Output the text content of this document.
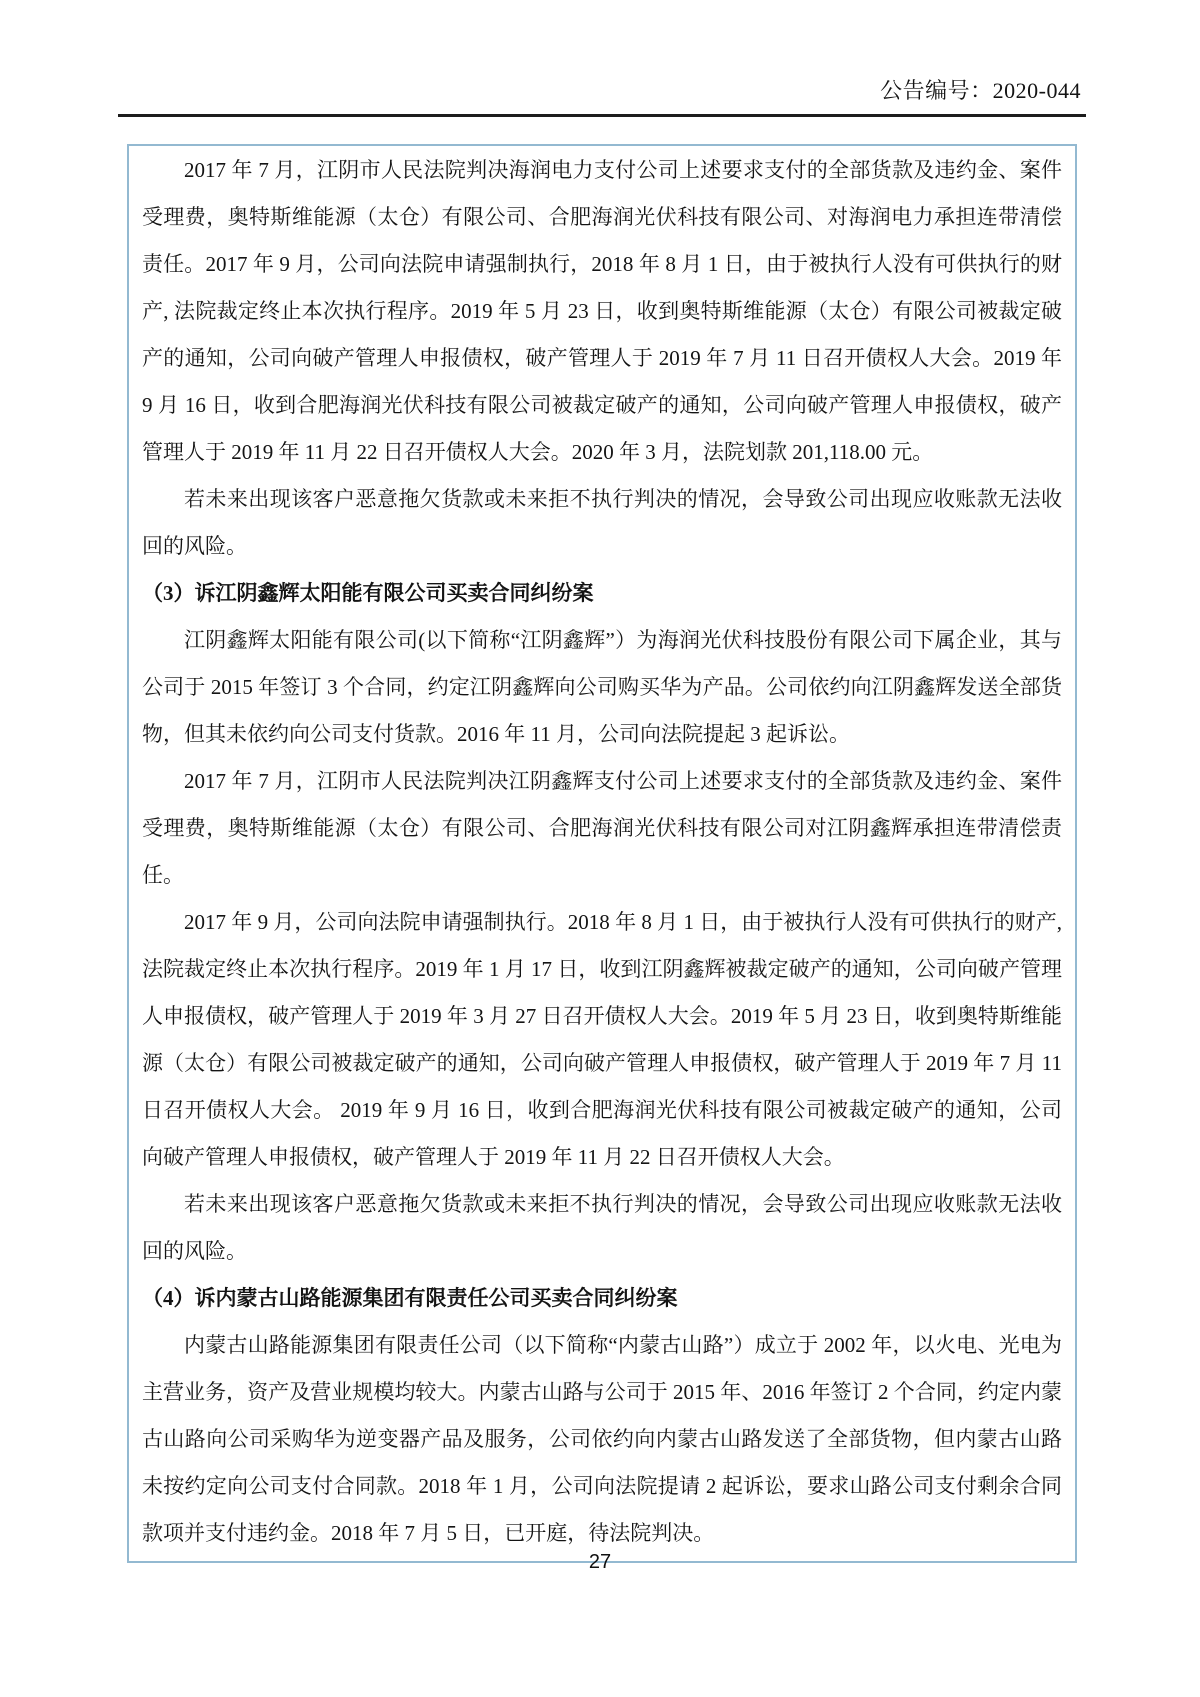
公告编号：2020-044

2017 年 7 月，江阴市人民法院判决海润电力支付公司上述要求支付的全部货款及违约金、案件受理费，奥特斯维能源（太仓）有限公司、合肥海润光伏科技有限公司、对海润电力承担连带清偿责任。2017 年 9 月，公司向法院申请强制执行，2018 年 8 月 1 日，由于被执行人没有可供执行的财产, 法院裁定终止本次执行程序。2019 年 5 月 23 日，收到奥特斯维能源（太仓）有限公司被裁定破产的通知，公司向破产管理人申报债权，破产管理人于 2019 年 7 月 11 日召开债权人大会。2019 年 9 月 16 日，收到合肥海润光伏科技有限公司被裁定破产的通知，公司向破产管理人申报债权，破产管理人于 2019 年 11 月 22 日召开债权人大会。2020 年 3 月，法院划款 201,118.00 元。

若未来出现该客户恶意拖欠货款或未来拒不执行判决的情况，会导致公司出现应收账款无法收回的风险。

（3）诉江阴鑫辉太阳能有限公司买卖合同纠纷案

江阴鑫辉太阳能有限公司(以下简称“江阴鑫辉”）为海润光伏科技股份有限公司下属企业，其与公司于 2015 年签订 3 个合同，约定江阴鑫辉向公司购买华为产品。公司依约向江阴鑫辉发送全部货物，但其未依约向公司支付货款。2016 年 11 月，公司向法院提起 3 起诉讼。

2017 年 7 月，江阴市人民法院判决江阴鑫辉支付公司上述要求支付的全部货款及违约金、案件受理费，奥特斯维能源（太仓）有限公司、合肥海润光伏科技有限公司对江阴鑫辉承担连带清偿责任。

2017 年 9 月，公司向法院申请强制执行。2018 年 8 月 1 日，由于被执行人没有可供执行的财产,法院裁定终止本次执行程序。2019 年 1 月 17 日，收到江阴鑫辉被裁定破产的通知，公司向破产管理人申报债权，破产管理人于 2019 年 3 月 27 日召开债权人大会。2019 年 5 月 23 日，收到奥特斯维能源（太仓）有限公司被裁定破产的通知，公司向破产管理人申报债权，破产管理人于 2019 年 7 月 11 日召开债权人大会。 2019 年 9 月 16 日，收到合肥海润光伏科技有限公司被裁定破产的通知，公司向破产管理人申报债权，破产管理人于 2019 年 11 月 22 日召开债权人大会。

若未来出现该客户恶意拖欠货款或未来拒不执行判决的情况，会导致公司出现应收账款无法收回的风险。

（4）诉内蒙古山路能源集团有限责任公司买卖合同纠纷案

内蒙古山路能源集团有限责任公司（以下简称“内蒙古山路”）成立于 2002 年，以火电、光电为主营业务，资产及营业规模均较大。内蒙古山路与公司于 2015 年、2016 年签订 2 个合同，约定内蒙古山路向公司采购华为逆变器产品及服务，公司依约向内蒙古山路发送了全部货物，但内蒙古山路未按约定向公司支付合同款。2018 年 1 月，公司向法院提请 2 起诉讼，要求山路公司支付剩余合同款项并支付违约金。2018 年 7 月 5 日，已开庭，待法院判决。

27
